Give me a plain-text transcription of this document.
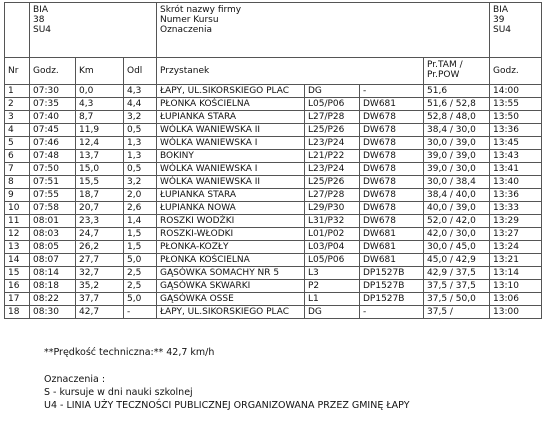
	BIA
38
SU4			Skrót nazwy firmy
Numer Kursu
Oznaczenia				BIA
39
SU4

Nr	Godz.	Km	Odl	Przystanek			Pr.TAM / Pr.POW	Godz.
1	07:30	0,0	4,3	ŁAPY, UL.SIKORSKIEGO PLAC	DG	-	51,6	14:00
2	07:35	4,3	4,4	PŁONKA KOŚCIELNA	L05/P06	DW681	51,6 / 52,8	13:55
3	07:40	8,7	3,2	ŁUPIANKA STARA	L27/P28	DW678	52,8 / 48,0	13:50
4	07:45	11,9	0,5	WÓLKA WANIEWSKA II	L25/P26	DW678	38,4 / 30,0	13:36
5	07:46	12,4	1,3	WÓLKA WANIEWSKA I	L23/P24	DW678	30,0 / 39,0	13:45
6	07:48	13,7	1,3	BOKINY	L21/P22	DW678	39,0 / 39,0	13:43
7	07:50	15,0	0,5	WÓLKA WANIEWSKA I	L23/P24	DW678	39,0 / 30,0	13:41
8	07:51	15,5	3,2	WÓLKA WANIEWSKA II	L25/P26	DW678	30,0 / 38,4	13:40
9	07:55	18,7	2,0	ŁUPIANKA STARA	L27/P28	DW678	38,4 / 40,0	13:36
10	07:58	20,7	2,6	ŁUPIANKA NOWA	L29/P30	DW678	40,0 / 39,0	13:33
11	08:01	23,3	1,4	ROSZKI WODŹKI	L31/P32	DW678	52,0 / 42,0	13:29
12	08:03	24,7	1,5	ROSZKI-WŁODKI	L01/P02	DW681	42,0 / 30,0	13:27
13	08:05	26,2	1,5	PŁONKA-KOZŁY	L03/P04	DW681	30,0 / 45,0	13:24
14	08:07	27,7	5,0	PŁONKA KOŚCIELNA	L05/P06	DW681	45,0 / 42,9	13:21
15	08:14	32,7	2,5	GĄSÓWKA SOMACHY NR 5	L3	DP1527B	42,9 / 37,5	13:14
16	08:18	35,2	2,5	GĄSÓWKA SKWARKI	P2	DP1527B	37,5 / 37,5	13:10
17	08:22	37,7	5,0	GĄSÓWKA OSSE	L1	DP1527B	37,5 / 50,0	13:06
18	08:30	42,7	-	ŁAPY, UL.SIKORSKIEGO PLAC	DG	-	37,5 /	13:00
**Prędkość techniczna:** 42,7 km/h
Oznaczenia :
S - kursuje w dni nauki szkolnej
U4 - LINIA UŻY TECZNOŚCI PUBLICZNEJ ORGANIZOWANA PRZEZ GMINĘ ŁAPY
